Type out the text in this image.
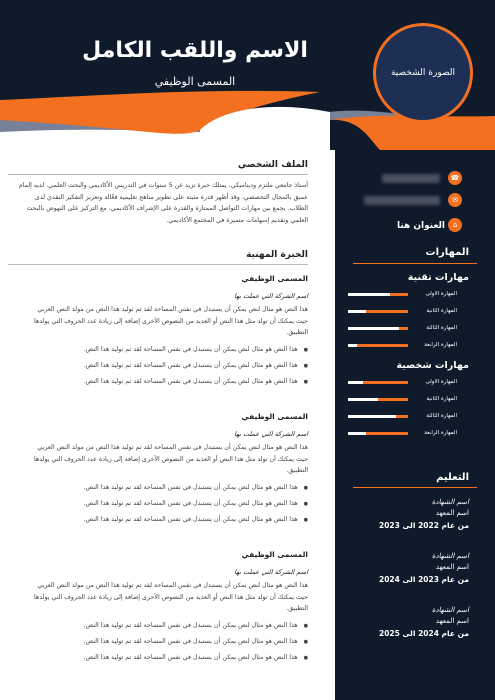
الاسم واللقب الكامل
المسمى الوظيفي
الصورة الشخصية
☎
✉
⌂
العنوان هنا
المهارات
مهارات تقنية
المهارة الاولى
المهارة الثانية
المهارة الثالثة
المهارة الرابعة
مهارات شخصية
المهارة الاولى
المهارة الثانية
المهارة الثالثة
المهارة الرابعة
التعليم
اسم الشهادة
اسم المعهد
من عام 2022 الى 2023
اسم الشهادة
اسم المعهد
من عام 2023 الى 2024
اسم الشهادة
اسم المعهد
من عام 2024 الى 2025
الملف الشخصي
أستاذ جامعي ملتزم وديناميكي، يمتلك خبرة تزيد عن 5 سنوات في التدريس الأكاديمي والبحث العلمي. لديه إلمام
عميق بالمجال التخصصي، وقد أظهر قدرة مثبتة على تطوير مناهج تعليمية فعّالة وتعزيز التفكير النقدي لدى
الطلاب. يجمع بين مهارات التواصل الممتازة والقدرة على الإشراف الأكاديمي، مع التركيز على النهوض بالبحث
العلمي وتقديم إسهامات متميزة في المجتمع الأكاديمي.
الخبرة المهنية
المسمى الوظيفي
اسم الشركة التي عملت بها
هذا النص هو مثال لنص يمكن أن يستبدل في نفس المساحة لقد تم توليد هذا النص من مولد النص العربي
حيث يمكنك أن تولد مثل هذا النص أو العديد من النصوص الأخرى إضافة إلى زيادة عدد الحروف التي يولدها
التطبيق.
● هذا النص هو مثال لنص يمكن أن يستبدل في نفس المساحة لقد تم توليد هذا النص.
● هذا النص هو مثال لنص يمكن أن يستبدل في نفس المساحة لقد تم توليد هذا النص.
● هذا النص هو مثال لنص يمكن أن يستبدل في نفس المساحة لقد تم توليد هذا النص.
المسمى الوظيفي
اسم الشركة التي عملت بها
هذا النص هو مثال لنص يمكن أن يستبدل في نفس المساحة لقد تم توليد هذا النص من مولد النص العربي
حيث يمكنك أن تولد مثل هذا النص أو العديد من النصوص الأخرى إضافة إلى زيادة عدد الحروف التي يولدها
التطبيق.
● هذا النص هو مثال لنص يمكن أن يستبدل في نفس المساحة لقد تم توليد هذا النص.
● هذا النص هو مثال لنص يمكن أن يستبدل في نفس المساحة لقد تم توليد هذا النص.
● هذا النص هو مثال لنص يمكن أن يستبدل في نفس المساحة لقد تم توليد هذا النص.
المسمى الوظيفي
اسم الشركة التي عملت بها
هذا النص هو مثال لنص يمكن أن يستبدل في نفس المساحة لقد تم توليد هذا النص من مولد النص العربي
حيث يمكنك أن تولد مثل هذا النص أو العديد من النصوص الأخرى إضافة إلى زيادة عدد الحروف التي يولدها
التطبيق.
● هذا النص هو مثال لنص يمكن أن يستبدل في نفس المساحة لقد تم توليد هذا النص.
● هذا النص هو مثال لنص يمكن أن يستبدل في نفس المساحة لقد تم توليد هذا النص.
● هذا النص هو مثال لنص يمكن أن يستبدل في نفس المساحة لقد تم توليد هذا النص.
